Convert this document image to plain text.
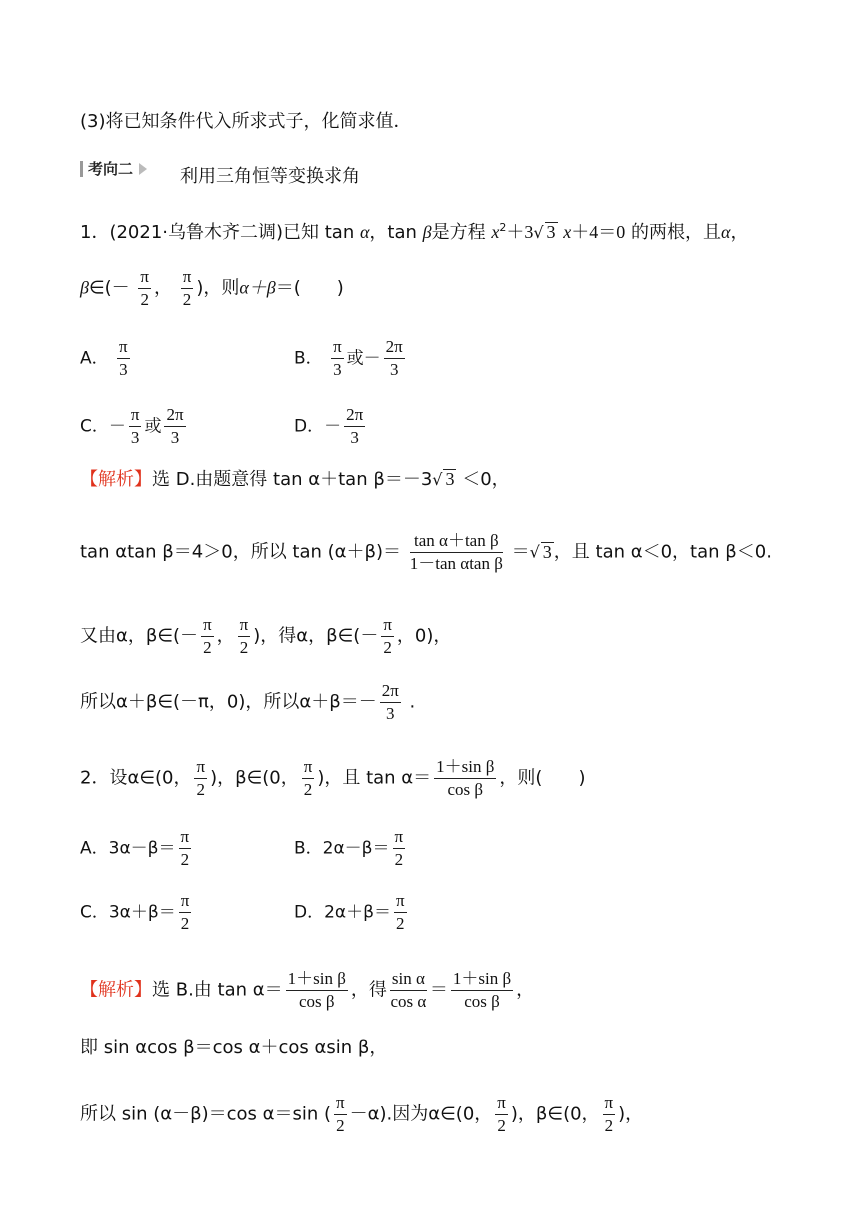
(3)将已知条件代入所求式子，化简求值．
考向二	利用三角恒等变换求角
1．(2021·乌鲁木齐二调)已知 tan α，tan β是方程 $x^2+3√$ 3 x＋4＝0 的两根，且α，
β∈(－ $\frac{\pi}{2}$ ， $\frac{\pi}{2}$ )，则α＋β＝(　　)
A． $\frac{\pi}{3}$	B． $\frac{\pi}{3}$ 或－ $\frac{2\pi}{3}$
C．－ $\frac{\pi}{3}$ 或 $\frac{2\pi}{3}$	D．－ $\frac{2\pi}{3}$
【解析】选 D.由题意得 tan α＋tan β＝－3√ 3 ＜0，
tan αtan β＝4＞0，所以 $\tan (\alpha+\beta)= \frac{\text{tan α＋tan β}}{\text{1－tan αtan β}}$ ＝√ 3 ，且 tan α＜0，tan β＜0.
又由α，β∈(－ $\frac{\pi}{2}$ ， $\frac{\pi}{2}$ )，得α，β∈(－ $\frac{\pi}{2}$ ，0)，
所以α＋β∈(－π，0)，所以$\alpha+\beta=- \frac{2\pi}{3}$ .
2．设α∈(0， $\frac{\pi}{2}$ )，β∈(0， $\frac{\pi}{2}$ )，且 $\tan \alpha= \frac{\text{1＋sin β}}{\text{cos β}}$ ，则(　　)
A．$3\alpha-\beta= \frac{\pi}{2}$	B．$2\alpha-\beta= \frac{\pi}{2}$
C．$3\alpha+\beta= \frac{\pi}{2}$	D．$2\alpha+\beta= \frac{\pi}{2}$
【解析】选 B.由 $\tan \alpha= \frac{\text{1＋sin β}}{\text{cos β}}$ ，得 $\frac{\text{sin α}}{\text{cos α}} = \frac{\text{1＋sin β}}{\text{cos β}}$ ，
即 sin αcos β＝cos α＋cos αsin β，
所以 sin (α－β)＝cos α＝sin ( $\frac{\pi}{2} -\alpha$).因为α∈(0， $\frac{\pi}{2}$ )，β∈(0， $\frac{\pi}{2}$ )，
